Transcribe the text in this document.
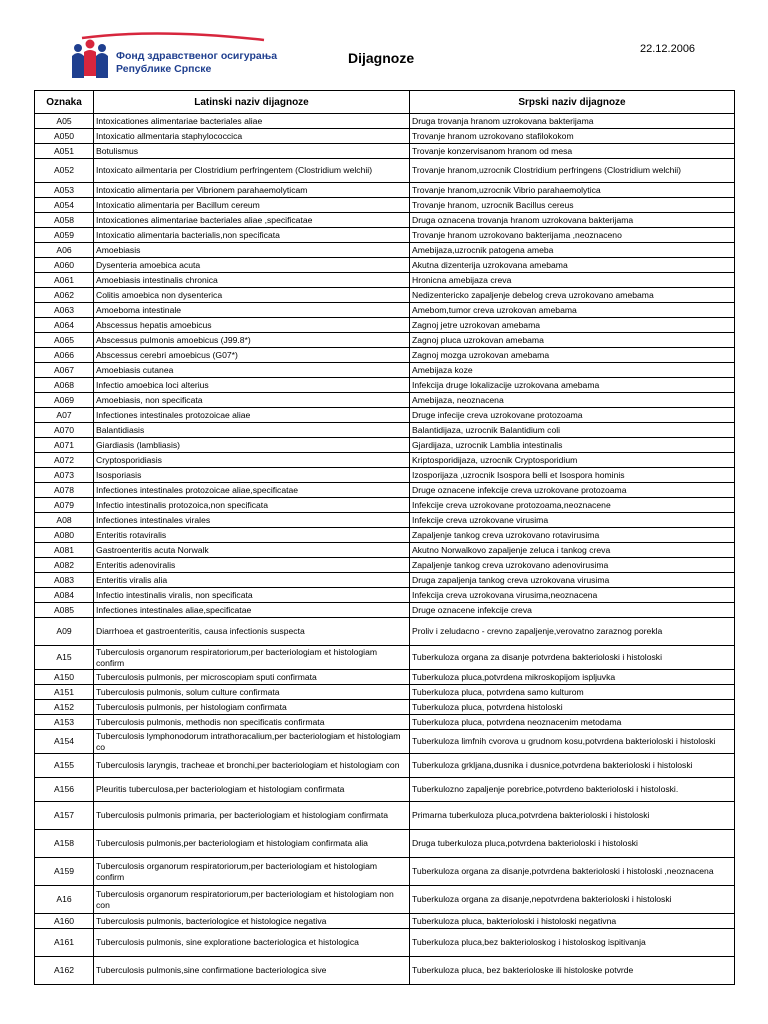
Фонд здравственог осигурања
Републике Српске
Dijagnoze
22.12.2006
Oznaka	Latinski naziv dijagnoze	Srpski naziv dijagnoze
A05	Intoxicationes alimentariae bacteriales aliae	Druga trovanja hranom uzrokovana bakterijama
A050	Intoxicatio allmentaria staphylococcica	Trovanje hranom uzrokovano stafilokokom
A051	Botulismus	Trovanje konzervisanom hranom od mesa
A052	Intoxicato ailmentaria per Clostridium perfringentem (Clostridium welchii)	Trovanje hranom,uzrocnik Clostridium perfringens (Clostridium welchii)
A053	Intoxicatio alimentaria per Vibrionem parahaemolyticam	Trovanje hranom,uzrocnik Vibrio parahaemolytica
A054	Intoxicatio alimentaria per Bacillum cereum	Trovanje hranom, uzrocnik Bacillus cereus
A058	Intoxicationes alimentariae bacteriales aliae ,specificatae	Druga oznacena trovanja hranom uzrokovana bakterijama
A059	Intoxicatio alimentaria bacterialis,non specificata	Trovanje hranom uzrokovano bakterijama ,neoznaceno
A06	Amoebiasis	Amebijaza,uzrocnik patogena ameba
A060	Dysenteria amoebica acuta	Akutna dizenterija uzrokovana amebama
A061	Amoebiasis intestinalis chronica	Hronicna amebijaza creva
A062	Colitis amoebica non dysenterica	Nedizentericko zapaljenje debelog creva uzrokovano amebama
A063	Amoeboma intestinale	Amebom,tumor creva uzrokovan amebama
A064	Abscessus hepatis amoebicus	Zagnoj jetre uzrokovan amebama
A065	Abscessus pulmonis amoebicus (J99.8*)	Zagnoj pluca uzrokovan amebama
A066	Abscessus cerebri amoebicus (G07*)	Zagnoj mozga uzrokovan amebama
A067	Amoebiasis cutanea	Amebijaza koze
A068	Infectio amoebica loci alterius	Infekcija druge lokalizacije uzrokovana amebama
A069	Amoebiasis, non specificata	Amebijaza, neoznacena
A07	Infectiones intestinales protozoicae aliae	Druge infecije creva uzrokovane protozoama
A070	Balantidiasis	Balantidijaza, uzrocnik Balantidium coli
A071	Giardiasis (lambliasis)	Gjardijaza, uzrocnik Lamblia intestinalis
A072	Cryptosporidiasis	Kriptosporidijaza, uzrocnik Cryptosporidium
A073	Isosporiasis	Izosporijaza ,uzrocnik Isospora belli et Isospora hominis
A078	Infectiones intestinales protozoicae aliae,specificatae	Druge oznacene infekcije creva uzrokovane protozoama
A079	Infectio intestinalis protozoica,non specificata	Infekcije creva uzrokovane protozoama,neoznacene
A08	Infectiones intestinales virales	Infekcije creva uzrokovane virusima
A080	Enteritis rotaviralis	Zapaljenje tankog creva uzrokovano rotavirusima
A081	Gastroenteritis acuta Norwalk	Akutno Norwalkovo zapaljenje zeluca i tankog creva
A082	Enteritis adenoviralis	Zapaljenje tankog creva uzrokovano adenovirusima
A083	Enteritis viralis alia	Druga zapaljenja tankog creva uzrokovana virusima
A084	Infectio intestinalis viralis, non specificata	Infekcija creva uzrokovana virusima,neoznacena
A085	Infectiones intestinales aliae,specificatae	Druge oznacene infekcije creva
A09	Diarrhoea et gastroenteritis, causa infectionis suspecta	Proliv i zeludacno - crevno zapaljenje,verovatno zaraznog porekla
A15	Tuberculosis organorum respiratoriorum,per bacteriologiam et histologiam confirm	Tuberkuloza organa za disanje potvrdena bakterioloski i histoloski
A150	Tuberculosis pulmonis, per microscopiam sputi confirmata	Tuberkuloza pluca,potvrdena mikroskopijom ispljuvka
A151	Tuberculosis pulmonis, solum culture confirmata	Tuberkuloza pluca, potvrdena samo kulturom
A152	Tuberculosis pulmonis, per histologiam confirmata	Tuberkuloza pluca, potvrdena histoloski
A153	Tuberculosis pulmonis, methodis non specificatis confirmata	Tuberkuloza pluca, potvrdena neoznacenim metodama
A154	Tuberculosis lymphonodorum intrathoracalium,per bacteriologiam et histologiam co	Tuberkuloza limfnih cvorova u grudnom kosu,potvrdena bakterioloski i histoloski
A155	Tuberculosis laryngis, tracheae et bronchi,per bacteriologiam et histologiam con	Tuberkuloza grkljana,dusnika i dusnice,potvrdena bakterioloski i histoloski
A156	Pleuritis tuberculosa,per bacteriologiam et histologiam confirmata	Tuberkulozno zapaljenje porebrice,potvrdeno bakterioloski i histoloski.
A157	Tuberculosis pulmonis primaria, per bacteriologiam et histologiam confirmata	Primarna tuberkuloza pluca,potvrdena bakterioloski i histoloski
A158	Tuberculosis pulmonis,per bacteriologiam et histologiam confirmata alia	Druga tuberkuloza pluca,potvrdena bakterioloski i histoloski
A159	Tuberculosis organorum respiratoriorum,per bacteriologiam et histologiam confirm	Tuberkuloza organa za disanje,potvrdena bakterioloski i histoloski ,neoznacena
A16	Tuberculosis organorum respiratoriorum,per bacteriologiam et histologiam non con	Tuberkuloza organa za disanje,nepotvrdena bakterioloski i histoloski
A160	Tuberculosis pulmonis, bacteriologice et histologice negativa	Tuberkuloza pluca, bakterioloski i histoloski negativna
A161	Tuberculosis pulmonis, sine exploratione bacteriologica et histologica	Tuberkuloza pluca,bez bakterioloskog i histoloskog ispitivanja
A162	Tuberculosis pulmonis,sine confirmatione bacteriologica sive	Tuberkuloza pluca, bez bakterioloske ili histoloske potvrde
